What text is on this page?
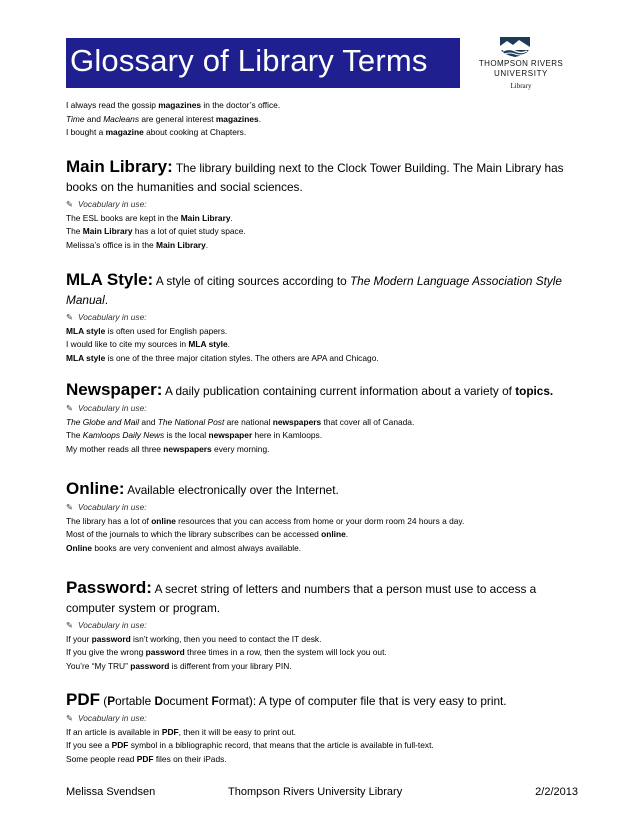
Glossary of Library Terms	THOMPSON RIVERS
UNIVERSITY
Library
I always read the gossip magazines in the doctor’s office.
Time and Macleans are general interest magazines.
I bought a magazine about cooking at Chapters.
Main Library: The library building next to the Clock Tower Building. The Main Library has books on the humanities and social sciences.
✎ Vocabulary in use:
The ESL books are kept in the Main Library.
The Main Library has a lot of quiet study space.
Melissa’s office is in the Main Library.
MLA Style: A style of citing sources according to The Modern Language Association Style Manual.
✎ Vocabulary in use:
MLA style is often used for English papers.
I would like to cite my sources in MLA style.
MLA style is one of the three major citation styles. The others are APA and Chicago.
Newspaper: A daily publication containing current information about a variety of topics.
✎ Vocabulary in use:
The Globe and Mail and The National Post are national newspapers that cover all of Canada.
The Kamloops Daily News is the local newspaper here in Kamloops.
My mother reads all three newspapers every morning.
Online: Available electronically over the Internet.
✎ Vocabulary in use:
The library has a lot of online resources that you can access from home or your dorm room 24 hours a day.
Most of the journals to which the library subscribes can be accessed online.
Online books are very convenient and almost always available.
Password: A secret string of letters and numbers that a person must use to access a computer system or program.
✎ Vocabulary in use:
If your password isn’t working, then you need to contact the IT desk.
If you give the wrong password three times in a row, then the system will lock you out.
You’re “My TRU” password is different from your library PIN.
PDF (Portable Document Format): A type of computer file that is very easy to print.
✎ Vocabulary in use:
If an article is available in PDF, then it will be easy to print out.
If you see a PDF symbol in a bibliographic record, that means that the article is available in full-text.
Some people read PDF files on their iPads.
Melissa Svendsen	Thompson Rivers University Library	2/2/2013
